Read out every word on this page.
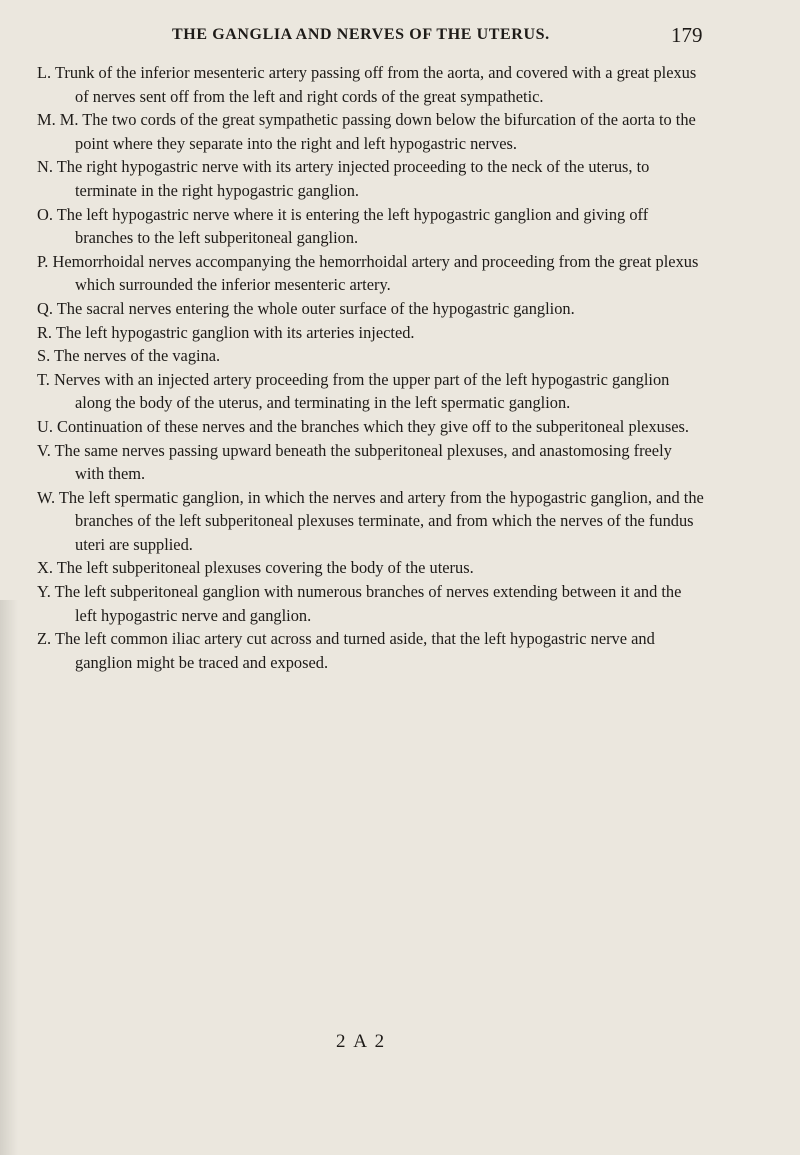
THE GANGLIA AND NERVES OF THE UTERUS.	179
L. Trunk of the inferior mesenteric artery passing off from the aorta, and covered with a great plexus of nerves sent off from the left and right cords of the great sympathetic.
M. M. The two cords of the great sympathetic passing down below the bifurcation of the aorta to the point where they separate into the right and left hypogastric nerves.
N. The right hypogastric nerve with its artery injected proceeding to the neck of the uterus, to terminate in the right hypogastric ganglion.
O. The left hypogastric nerve where it is entering the left hypogastric ganglion and giving off branches to the left subperitoneal ganglion.
P. Hemorrhoidal nerves accompanying the hemorrhoidal artery and proceeding from the great plexus which surrounded the inferior mesenteric artery.
Q. The sacral nerves entering the whole outer surface of the hypogastric ganglion.
R. The left hypogastric ganglion with its arteries injected.
S. The nerves of the vagina.
T. Nerves with an injected artery proceeding from the upper part of the left hypogastric ganglion along the body of the uterus, and terminating in the left spermatic ganglion.
U. Continuation of these nerves and the branches which they give off to the subperitoneal plexuses.
V. The same nerves passing upward beneath the subperitoneal plexuses, and anastomosing freely with them.
W. The left spermatic ganglion, in which the nerves and artery from the hypogastric ganglion, and the branches of the left subperitoneal plexuses terminate, and from which the nerves of the fundus uteri are supplied.
X. The left subperitoneal plexuses covering the body of the uterus.
Y. The left subperitoneal ganglion with numerous branches of nerves extending between it and the left hypogastric nerve and ganglion.
Z. The left common iliac artery cut across and turned aside, that the left hypogastric nerve and ganglion might be traced and exposed.
2 A 2
